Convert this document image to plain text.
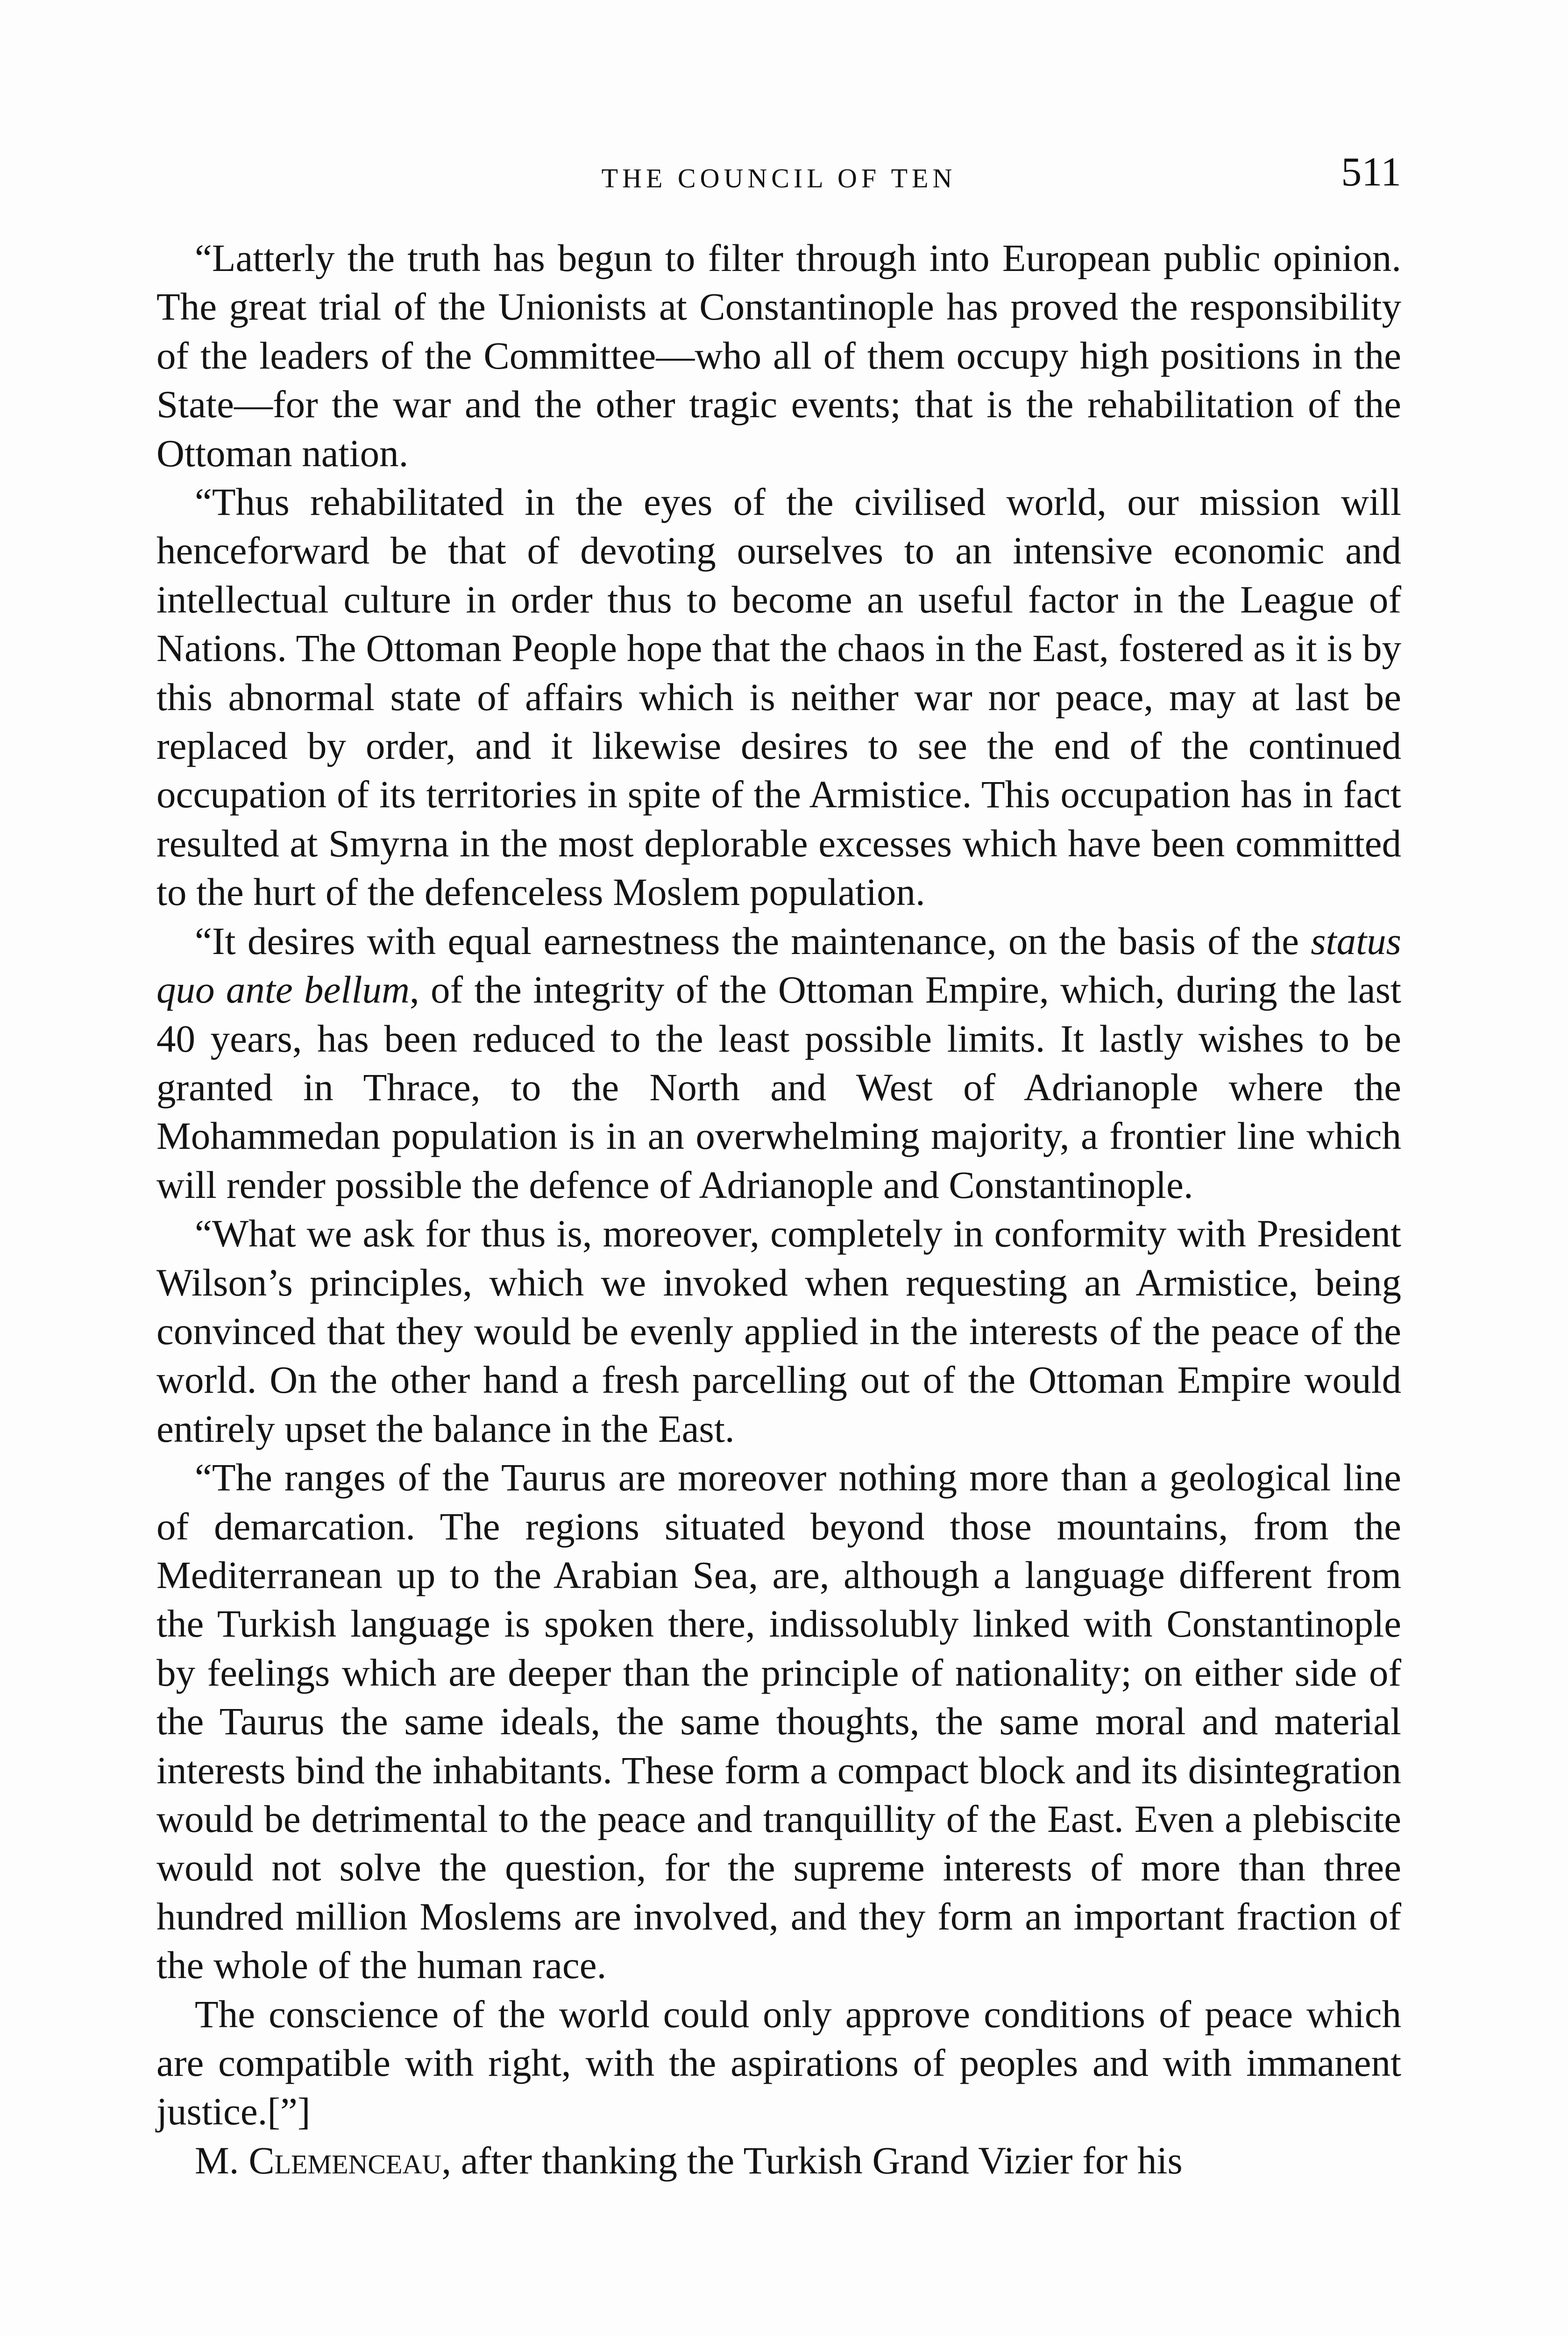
THE COUNCIL OF TEN	511

“Latterly the truth has begun to filter through into European public opinion. The great trial of the Unionists at Constantinople has proved the responsibility of the leaders of the Committee—who all of them occupy high positions in the State—for the war and the other tragic events; that is the rehabilitation of the Ottoman nation.

“Thus rehabilitated in the eyes of the civilised world, our mission will henceforward be that of devoting ourselves to an intensive economic and intellectual culture in order thus to become an useful factor in the League of Nations. The Ottoman People hope that the chaos in the East, fostered as it is by this abnormal state of affairs which is neither war nor peace, may at last be replaced by order, and it likewise desires to see the end of the continued occupation of its territories in spite of the Armistice. This occupation has in fact resulted at Smyrna in the most deplorable excesses which have been committed to the hurt of the defenceless Moslem population.

“It desires with equal earnestness the maintenance, on the basis of the status quo ante bellum, of the integrity of the Ottoman Empire, which, during the last 40 years, has been reduced to the least possible limits. It lastly wishes to be granted in Thrace, to the North and West of Adrianople where the Mohammedan population is in an overwhelming majority, a frontier line which will render possible the defence of Adrianople and Constantinople.

“What we ask for thus is, moreover, completely in conformity with President Wilson’s principles, which we invoked when requesting an Armistice, being convinced that they would be evenly applied in the interests of the peace of the world. On the other hand a fresh parcelling out of the Ottoman Empire would entirely upset the balance in the East.

“The ranges of the Taurus are moreover nothing more than a geological line of demarcation. The regions situated beyond those mountains, from the Mediterranean up to the Arabian Sea, are, although a language different from the Turkish language is spoken there, indissolubly linked with Constantinople by feelings which are deeper than the principle of nationality; on either side of the Taurus the same ideals, the same thoughts, the same moral and material interests bind the inhabitants. These form a compact block and its disintegration would be detrimental to the peace and tranquillity of the East. Even a plebiscite would not solve the question, for the supreme interests of more than three hundred million Moslems are involved, and they form an important fraction of the whole of the human race.

The conscience of the world could only approve conditions of peace which are compatible with right, with the aspirations of peoples and with immanent justice.[”]

M. Clemenceau, after thanking the Turkish Grand Vizier for his
